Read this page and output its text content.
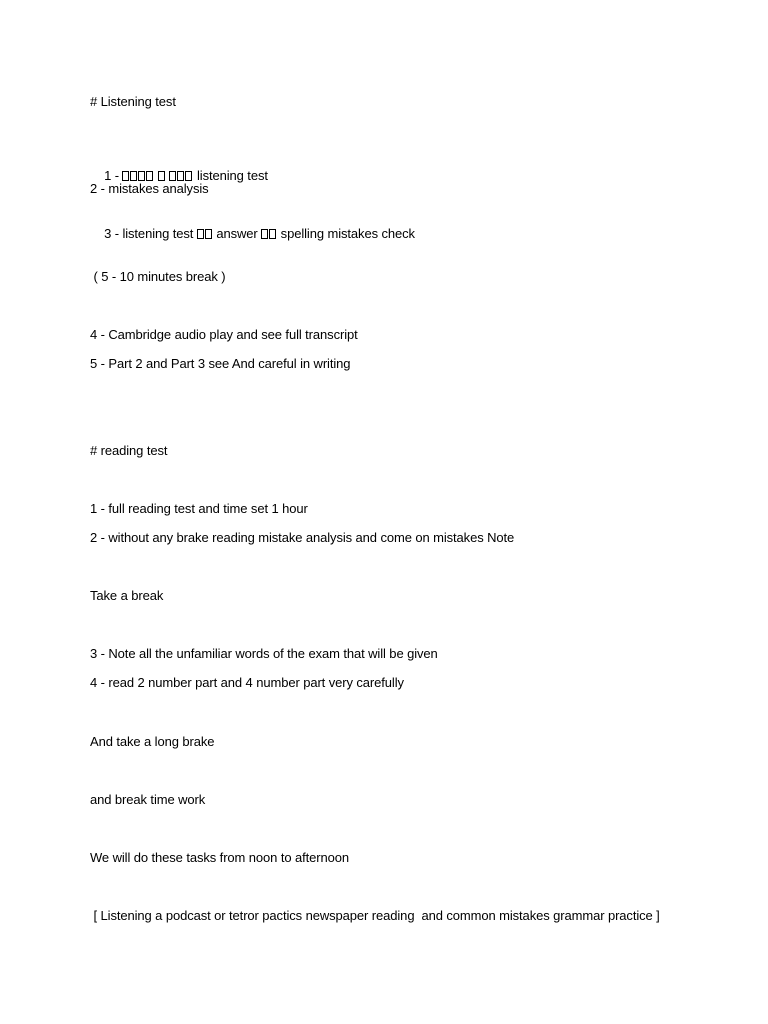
# Listening test

1 -	listening test

2 - mistakes analysis

3 - listening test  answer  spelling mistakes check

( 5 - 10 minutes break )
4 - Cambridge audio play and see full transcript
5 - Part 2 and Part 3 see And careful in writing
# reading test
1 - full reading test and time set 1 hour
2 - without any brake reading mistake analysis and come on mistakes Note
Take a break
3 - Note all the unfamiliar words of the exam that will be given
4 - read 2 number part and 4 number part very carefully
And take a long brake
and break time work
We will do these tasks from noon to afternoon
[ Listening a podcast or tetror pactics newspaper reading  and common mistakes grammar practice ]
